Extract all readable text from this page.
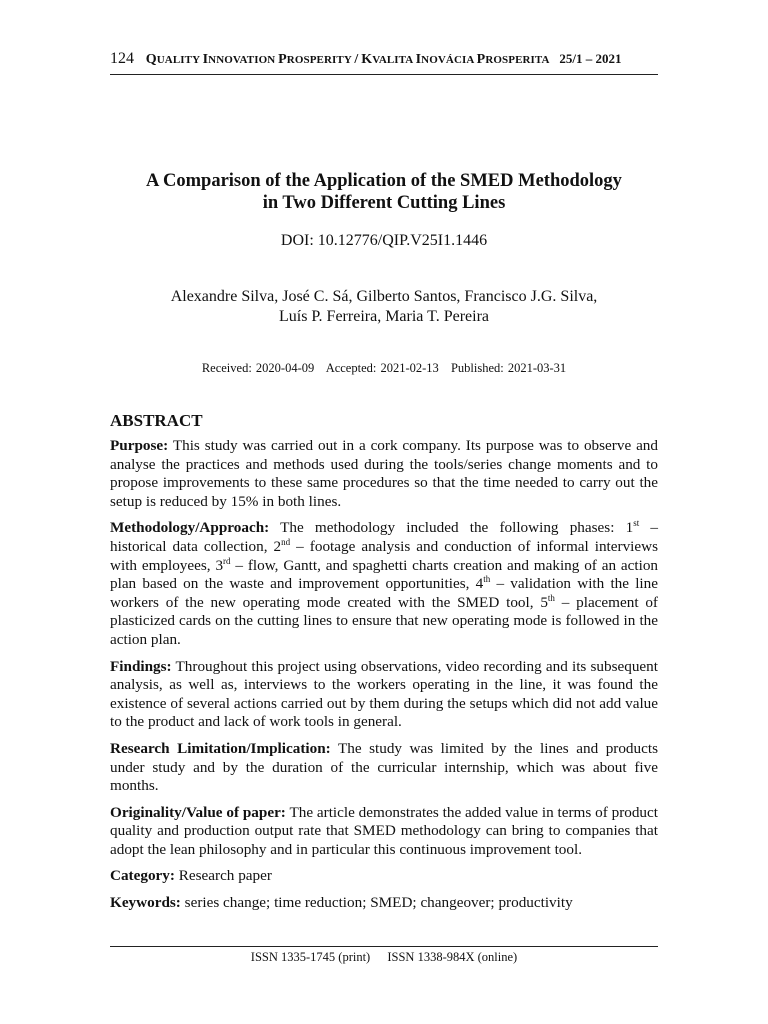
124 QUALITY INNOVATION PROSPERITY / KVALITA INOVÁCIA PROSPERITA 25/1 – 2021
A Comparison of the Application of the SMED Methodology
in Two Different Cutting Lines
DOI: 10.12776/QIP.V25I1.1446
Alexandre Silva, José C. Sá, Gilberto Santos, Francisco J.G. Silva,
Luís P. Ferreira, Maria T. Pereira
Received: 2020-04-09 Accepted: 2021-02-13 Published: 2021-03-31
ABSTRACT

Purpose: This study was carried out in a cork company. Its purpose was to observe and analyse the practices and methods used during the tools/series change moments and to propose improvements to these same procedures so that the time needed to carry out the setup is reduced by 15% in both lines.

Methodology/Approach: The methodology included the following phases: 1st – historical data collection, 2nd – footage analysis and conduction of informal interviews with employees, 3rd – flow, Gantt, and spaghetti charts creation and making of an action plan based on the waste and improvement opportunities, 4th – validation with the line workers of the new operating mode created with the SMED tool, 5th – placement of plasticized cards on the cutting lines to ensure that new operating mode is followed in the action plan.

Findings: Throughout this project using observations, video recording and its subsequent analysis, as well as, interviews to the workers operating in the line, it was found the existence of several actions carried out by them during the setups which did not add value to the product and lack of work tools in general.

Research Limitation/Implication: The study was limited by the lines and products under study and by the duration of the curricular internship, which was about five months.

Originality/Value of paper: The article demonstrates the added value in terms of product quality and production output rate that SMED methodology can bring to companies that adopt the lean philosophy and in particular this continuous improvement tool.

Category: Research paper

Keywords: series change; time reduction; SMED; changeover; productivity

ISSN 1335-1745 (print) ISSN 1338-984X (online)
